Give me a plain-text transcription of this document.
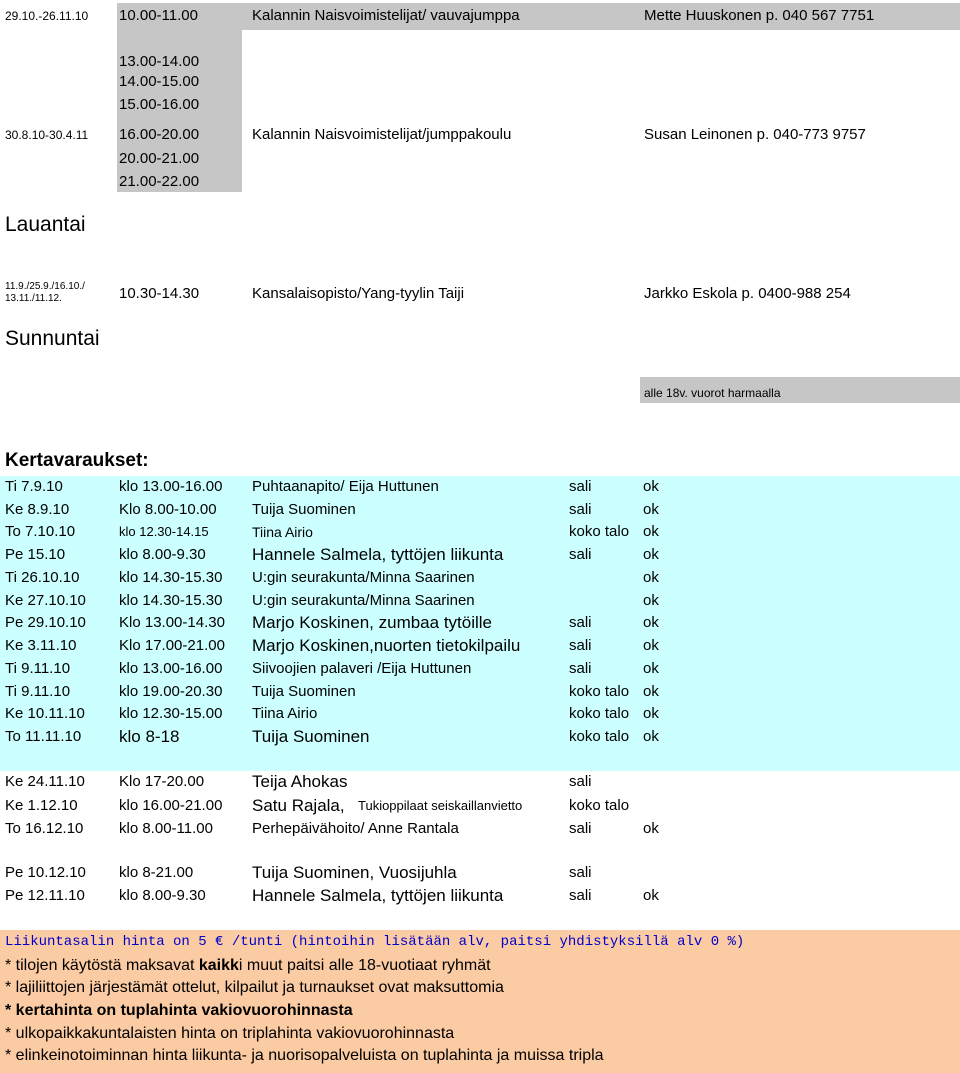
29.10.-26.11.10 10.00-11.00	Kalannin Naisvoimistelijat/ vauvajumppa	Mette Huuskonen p. 040 567 7751
13.00-14.00
14.00-15.00
15.00-16.00
30.8.10-30.4.11 16.00-20.00	Kalannin Naisvoimistelijat/jumppakoulu	Susan Leinonen p. 040-773 9757
20.00-21.00
21.00-22.00
Lauantai
11.9./25.9./16.10./
13.11./11.12.	10.30-14.30	Kansalaisopisto/Yang-tyylin Taiji	Jarkko Eskola p. 0400-988 254
Sunnuntai
alle 18v. vuorot harmaalla
Kertavaraukset:
Ti 7.9.10	klo 13.00-16.00 Puhtaanapito/ Eija Huttunen	sali	ok
Ke 8.9.10	Klo 8.00-10.00 Tuija Suominen	sali	ok
To 7.10.10	klo 12.30-14.15	Tiina Airio	koko talo ok
Pe 15.10	klo 8.00-9.30	Hannele Salmela, tyttöjen liikunta	sali	ok
Ti 26.10.10	klo 14.30-15.30 U:gin seurakunta/Minna Saarinen	ok
Ke 27.10.10 klo 14.30-15.30 U:gin seurakunta/Minna Saarinen	ok
Pe 29.10.10 Klo 13.00-14.30 Marjo Koskinen, zumbaa tytöille	sali	ok
Ke 3.11.10	Klo 17.00-21.00 Marjo Koskinen,nuorten tietokilpailu	sali	ok
Ti 9.11.10	klo 13.00-16.00 Siivoojien palaveri /Eija Huttunen	sali	ok
Ti 9.11.10	klo 19.00-20.30 Tuija Suominen	koko talo ok
Ke 10.11.10 klo 12.30-15.00 Tiina Airio	koko talo ok
To 11.11.10 klo 8-18	Tuija Suominen	koko talo ok
Ke 24.11.10 Klo 17-20.00	Teija Ahokas	sali
Ke 1.12.10	klo 16.00-21.00 Satu Rajala, Tukioppilaat seiskaillanvietto	koko talo
To 16.12.10 klo 8.00-11.00	Perhepäivähoito/ Anne Rantala	sali	ok
Pe 10.12.10 klo 8-21.00	Tuija Suominen, Vuosijuhla	sali
Pe 12.11.10 klo 8.00-9.30	Hannele Salmela, tyttöjen liikunta	sali	ok
Liikuntasalin hinta on 5 € /tunti (hintoihin lisätään alv, paitsi yhdistyksillä alv 0 %)
* tilojen käytöstä maksavat kaikki muut paitsi alle 18-vuotiaat ryhmät
* lajiliittojen järjestämät ottelut, kilpailut ja turnaukset ovat maksuttomia
* kertahinta on tuplahinta vakiovuorohinnasta
* ulkopaikkakuntalaisten hinta on triplahinta vakiovuorohinnasta
* elinkeinotoiminnan hinta liikunta- ja nuorisopalveluista on tuplahinta ja muissa tripla
